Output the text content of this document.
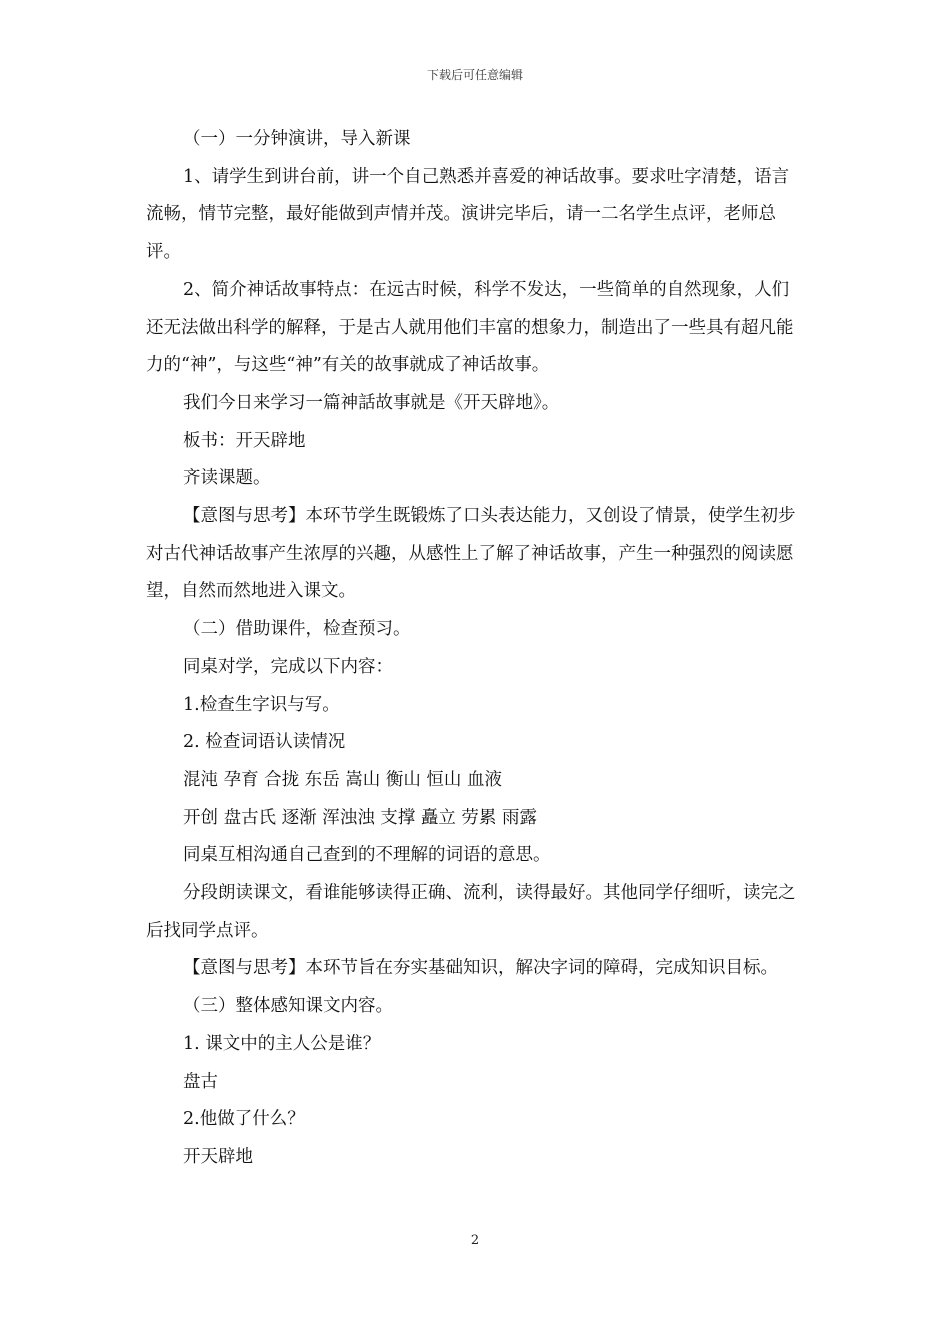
下载后可任意编辑

（一）一分钟演讲，导入新课

1、请学生到讲台前，讲一个自己熟悉并喜爱的神话故事。要求吐字清楚，语言流畅，情节完整，最好能做到声情并茂。演讲完毕后，请一二名学生点评，老师总评。

2、简介神话故事特点：在远古时候，科学不发达，一些简单的自然现象，人们还无法做出科学的解释，于是古人就用他们丰富的想象力，制造出了一些具有超凡能力的“神”，与这些“神”有关的故事就成了神话故事。

我们今日来学习一篇神話故事就是《开天辟地》。

板书：开天辟地

齐读课题。

【意图与思考】本环节学生既锻炼了口头表达能力，又创设了情景，使学生初步对古代神话故事产生浓厚的兴趣，从感性上了解了神话故事，产生一种强烈的阅读愿望，自然而然地进入课文。

（二）借助课件，检查预习。

同桌对学，完成以下内容：

1.检查生字识与写。

2. 检查词语认读情况

混沌 孕育 合拢 东岳 嵩山 衡山 恒山 血液

开创 盘古氏 逐渐 浑浊浊 支撑 矗立 劳累 雨露

同桌互相沟通自己查到的不理解的词语的意思。

分段朗读课文，看谁能够读得正确、流利，读得最好。其他同学仔细听，读完之后找同学点评。

【意图与思考】本环节旨在夯实基础知识，解决字词的障碍，完成知识目标。

（三）整体感知课文内容。

1. 课文中的主人公是谁？

盘古

2.他做了什么？

开天辟地

2
